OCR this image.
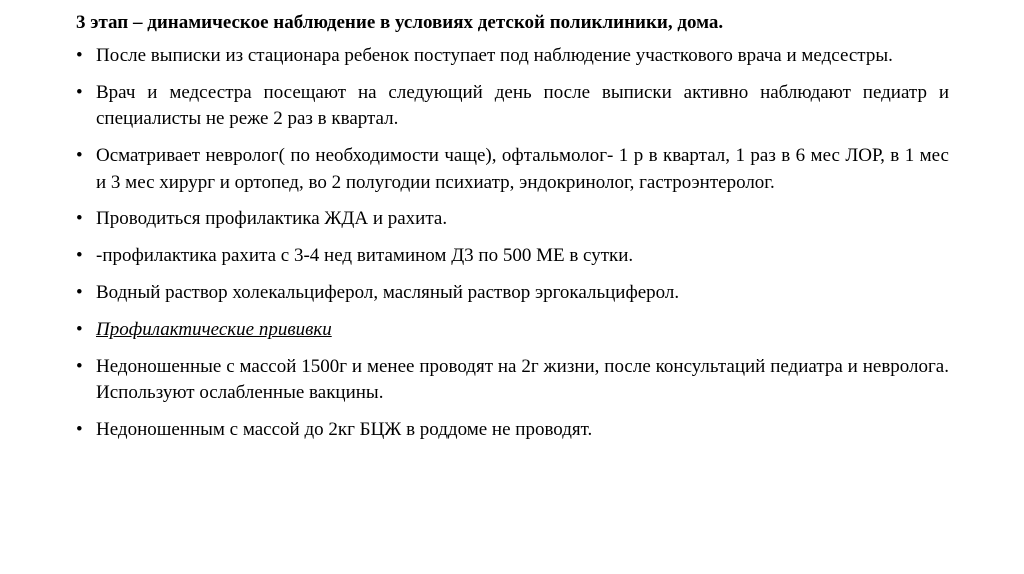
3 этап – динамическое наблюдение в условиях детской поликлиники, дома.
• После выписки из стационара ребенок поступает под наблюдение участкового врача и медсестры.
• Врач и медсестра посещают на следующий день после выписки активно наблюдают педиатр и специалисты не реже 2 раз в квартал.
• Осматривает невролог( по необходимости чаще), офтальмолог- 1 р в квартал, 1 раз в 6 мес ЛОР, в 1 мес и 3 мес хирург и ортопед, во 2 полугодии психиатр, эндокринолог, гастроэнтеролог.
• Проводиться профилактика ЖДА и рахита.
• -профилактика рахита с 3-4 нед витамином Д3 по 500 МЕ в сутки.
• Водный раствор холекальциферол, масляный раствор эргокальциферол.
• Профилактические прививки
• Недоношенные с массой 1500г и менее проводят на 2г жизни, после консультаций педиатра и невролога. Используют ослабленные вакцины.
• Недоношенным с массой до 2кг БЦЖ в роддоме не проводят.
